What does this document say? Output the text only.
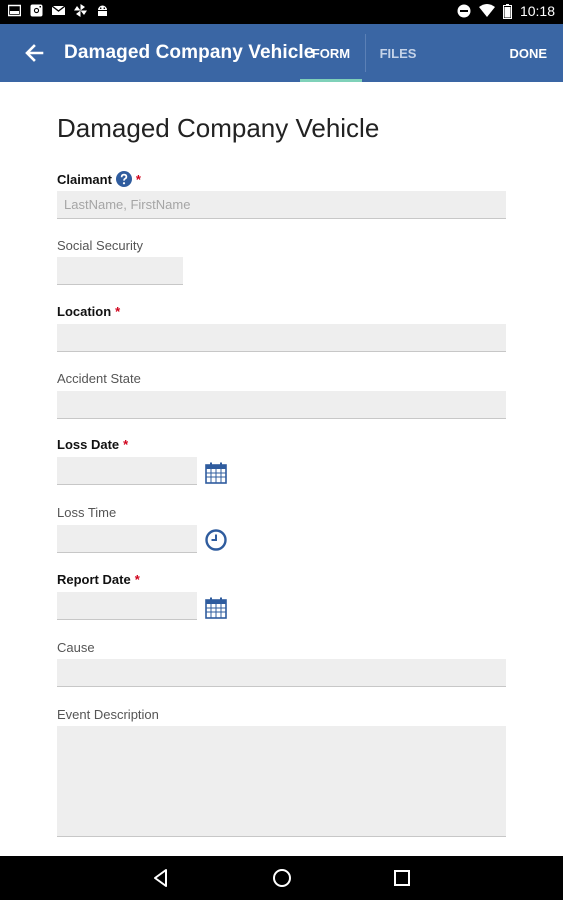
10:18
Damaged Company Vehicle
FORM FILES	DONE
Damaged Company Vehicle
Claimant *
LastName, FirstName
Social Security
Location *
Accident State
Loss Date *
Loss Time
Report Date *
Cause
Event Description
